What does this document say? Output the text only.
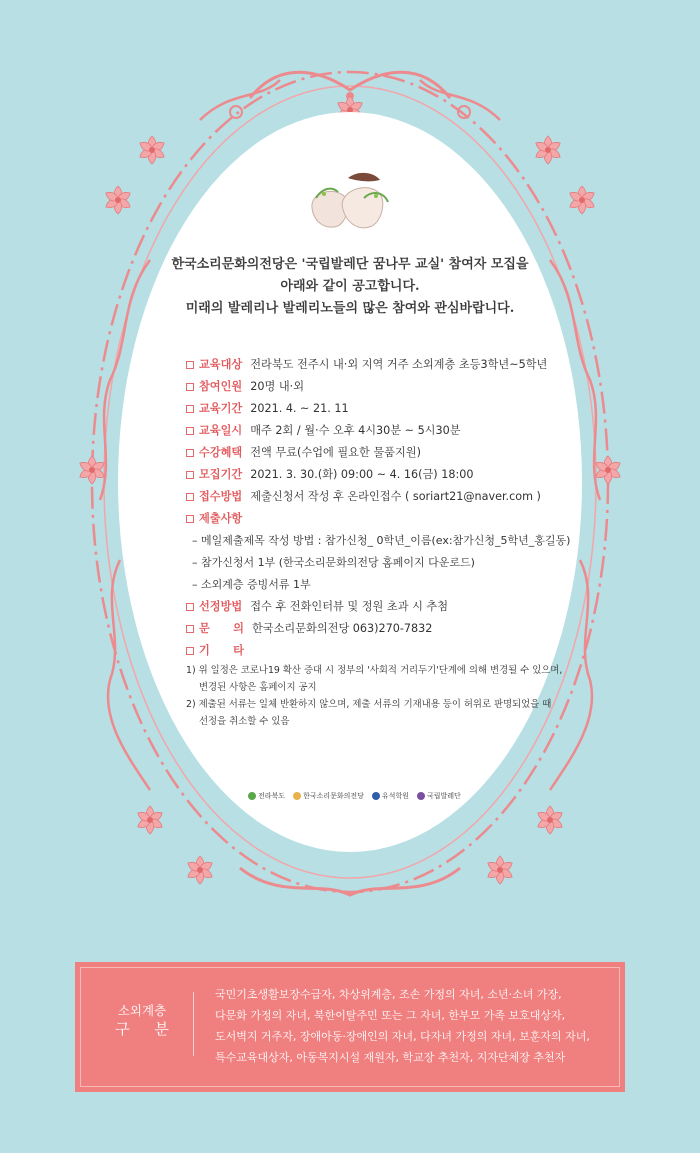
한국소리문화의전당은 '국립발레단 꿈나무 교실' 참여자 모집을
아래와 같이 공고합니다.
미래의 발레리나 발레리노들의 많은 참여와 관심바랍니다.
교육대상 전라북도 전주시 내·외 지역 거주 소외계층 초등3학년~5학년
참여인원 20명 내·외
교육기간 2021. 4. ~ 21. 11
교육일시 매주 2회 / 월·수 오후 4시30분 ~ 5시30분
수강혜택 전액 무료(수업에 필요한 물품지원)
모집기간 2021. 3. 30.(화) 09:00 ~ 4. 16(금) 18:00
접수방법 제출신청서 작성 후 온라인접수 ( soriart21@naver.com )
제출사항
– 메일제출제목 작성 방법 : 참가신청_ 0학년_이름(ex:참가신청_5학년_홍길동)
– 참가신청서 1부 (한국소리문화의전당 홈페이지 다운로드)
– 소외계층 증빙서류 1부
선정방법 접수 후 전화인터뷰 및 정원 초과 시 추첨
문      의 한국소리문화의전당 063)270-7832
기      타
1) 위 일정은 코로나19 확산 증대 시 정부의 '사회적 거리두기'단계에 의해 변경될 수 있으며,
변경된 사항은 홈페이지 공지
2) 제출된 서류는 일체 반환하지 않으며, 제출 서류의 기재내용 등이 허위로 판명되었을 때
선정을 취소할 수 있음
전라북도	한국소리문화의전당	유석학원	국립발레단
소외계층
구 분
국민기초생활보장수급자, 차상위계층, 조손 가정의 자녀, 소년·소녀 가장,
다문화 가정의 자녀, 북한이탈주민 또는 그 자녀, 한부모 가족 보호대상자,
도서벽지 거주자, 장애아동·장애인의 자녀, 다자녀 가정의 자녀, 보훈자의 자녀,
특수교육대상자, 아동복지시설 재원자, 학교장 추천자, 지자단체장 추천자
